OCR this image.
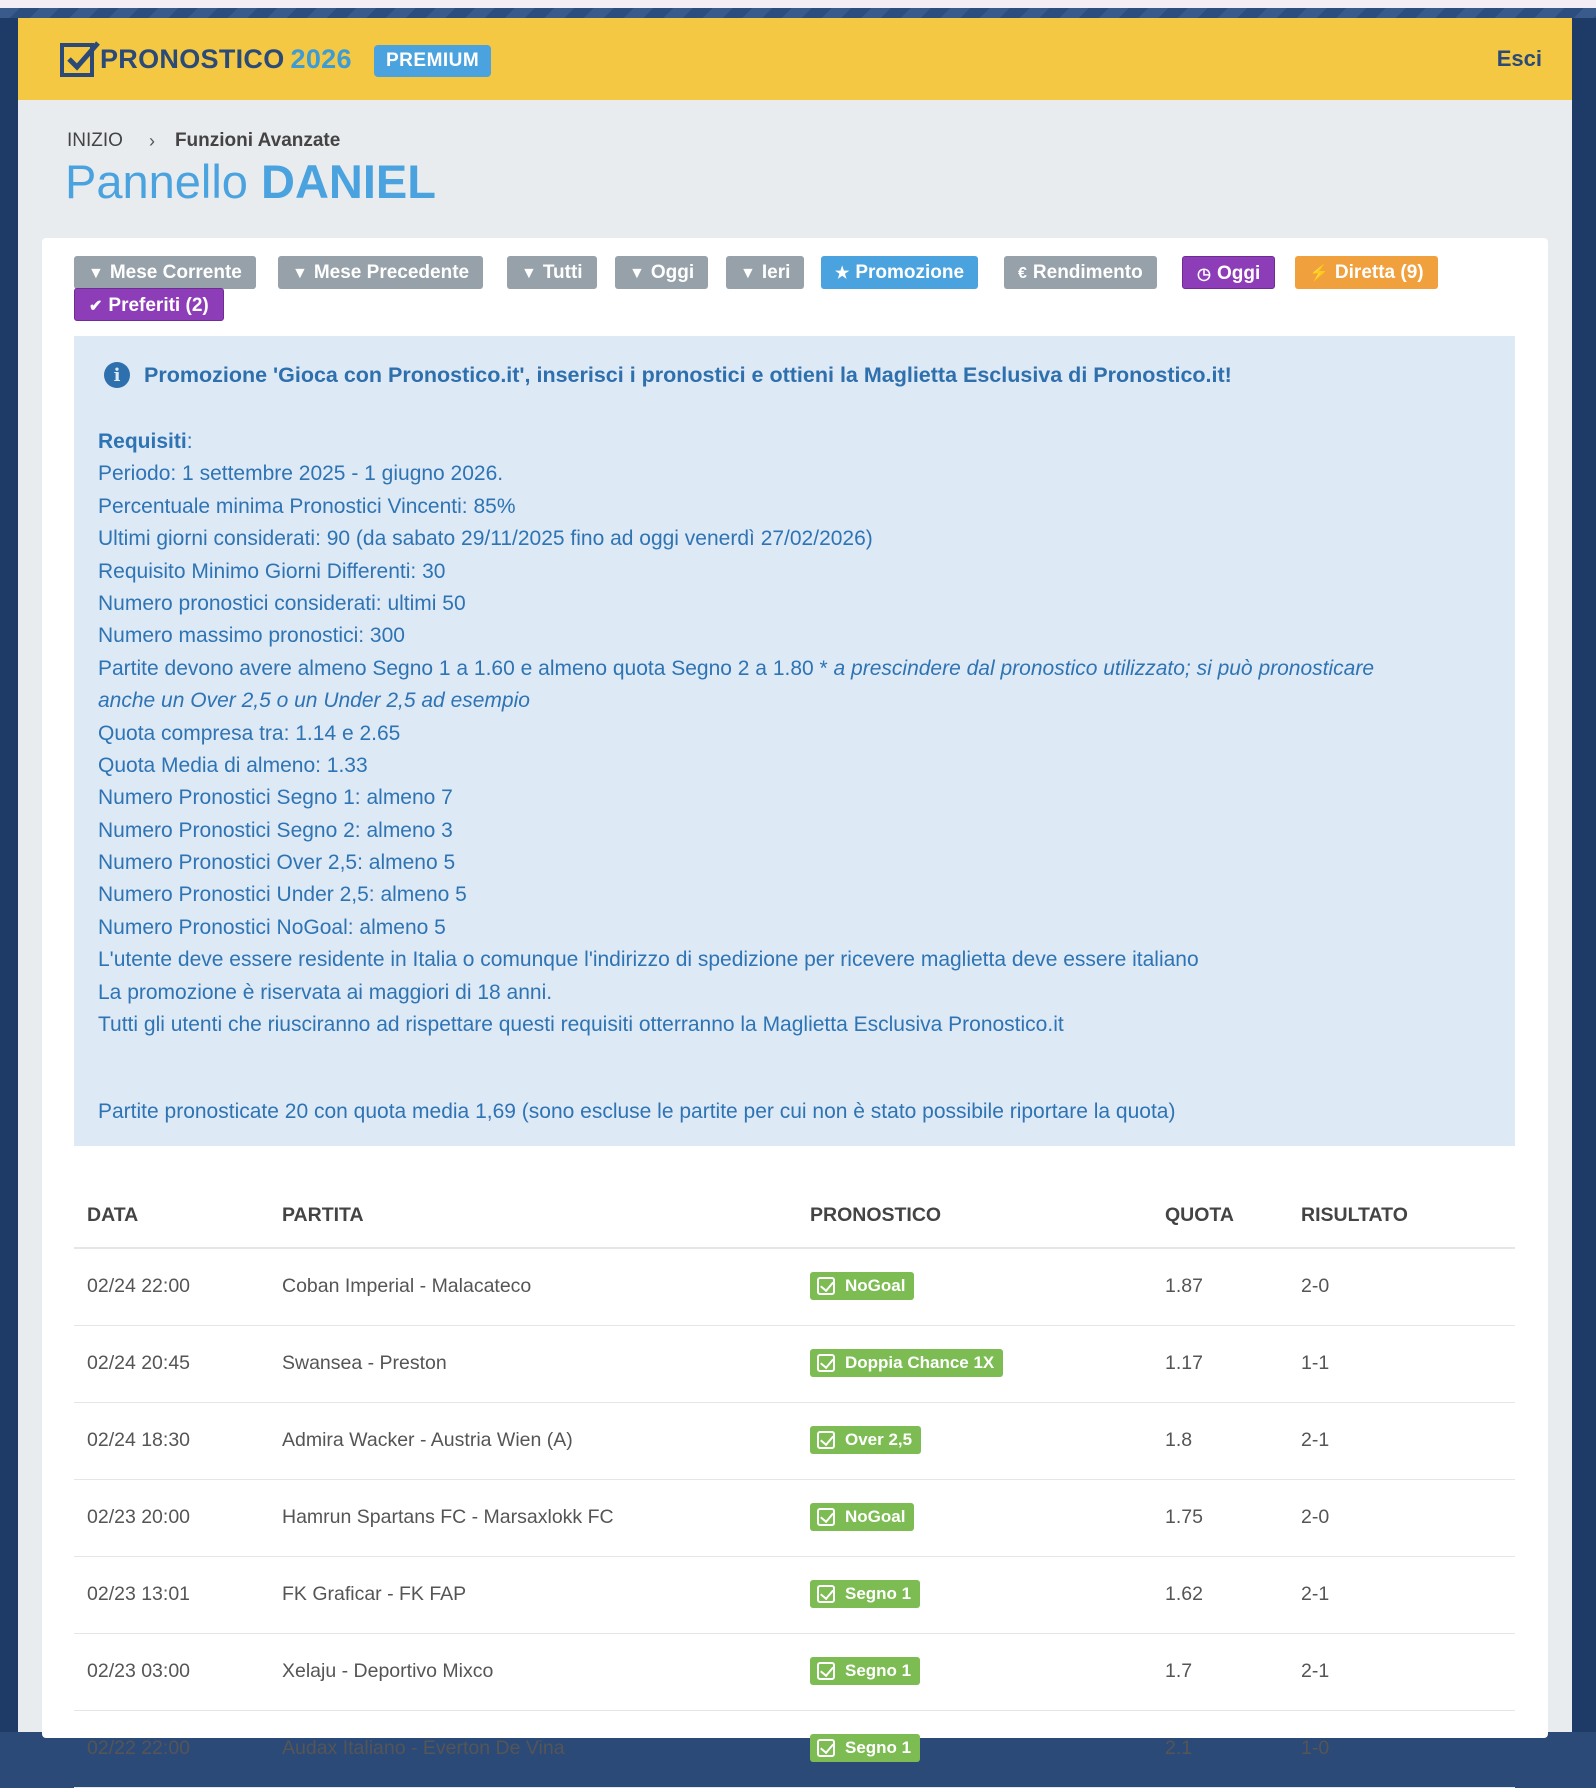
PRONOSTICO 2026	PREMIUM	Esci
INIZIO › Funzioni Avanzate
Pannello DANIEL
▼ Mese Corrente	▼ Mese Precedente	▼ Tutti	▼ Oggi	▼ Ieri	★ Promozione	€ Rendimento	◷ Oggi	⚡ Diretta (9)
✔ Preferiti (2)
i	Promozione 'Gioca con Pronostico.it', inserisci i pronostici e ottieni la Maglietta Esclusiva di Pronostico.it!
Requisiti:
Periodo: 1 settembre 2025 - 1 giugno 2026.
Percentuale minima Pronostici Vincenti: 85%
Ultimi giorni considerati: 90 (da sabato 29/11/2025 fino ad oggi venerdì 27/02/2026)
Requisito Minimo Giorni Differenti: 30
Numero pronostici considerati: ultimi 50
Numero massimo pronostici: 300
Partite devono avere almeno Segno 1 a 1.60 e almeno quota Segno 2 a 1.80 * a prescindere dal pronostico utilizzato; si può pronosticare
anche un Over 2,5 o un Under 2,5 ad esempio
Quota compresa tra: 1.14 e 2.65
Quota Media di almeno: 1.33
Numero Pronostici Segno 1: almeno 7
Numero Pronostici Segno 2: almeno 3
Numero Pronostici Over 2,5: almeno 5
Numero Pronostici Under 2,5: almeno 5
Numero Pronostici NoGoal: almeno 5
L'utente deve essere residente in Italia o comunque l'indirizzo di spedizione per ricevere maglietta deve essere italiano
La promozione è riservata ai maggiori di 18 anni.
Tutti gli utenti che riusciranno ad rispettare questi requisiti otterranno la Maglietta Esclusiva Pronostico.it
Partite pronosticate 20 con quota media 1,69 (sono escluse le partite per cui non è stato possibile riportare la quota)
DATA	PARTITA	PRONOSTICO	QUOTA	RISULTATO
02/24 22:00	Coban Imperial - Malacateco	NoGoal	1.87	2-0
02/24 20:45	Swansea - Preston	Doppia Chance 1X	1.17	1-1
02/24 18:30	Admira Wacker - Austria Wien (A)	Over 2,5	1.8	2-1
02/23 20:00	Hamrun Spartans FC - Marsaxlokk FC	NoGoal	1.75	2-0
02/23 13:01	FK Graficar - FK FAP	Segno 1	1.62	2-1
02/23 03:00	Xelaju - Deportivo Mixco	Segno 1	1.7	2-1
02/22 22:00	Audax Italiano - Everton De Vina	Segno 1	2.1	1-0
